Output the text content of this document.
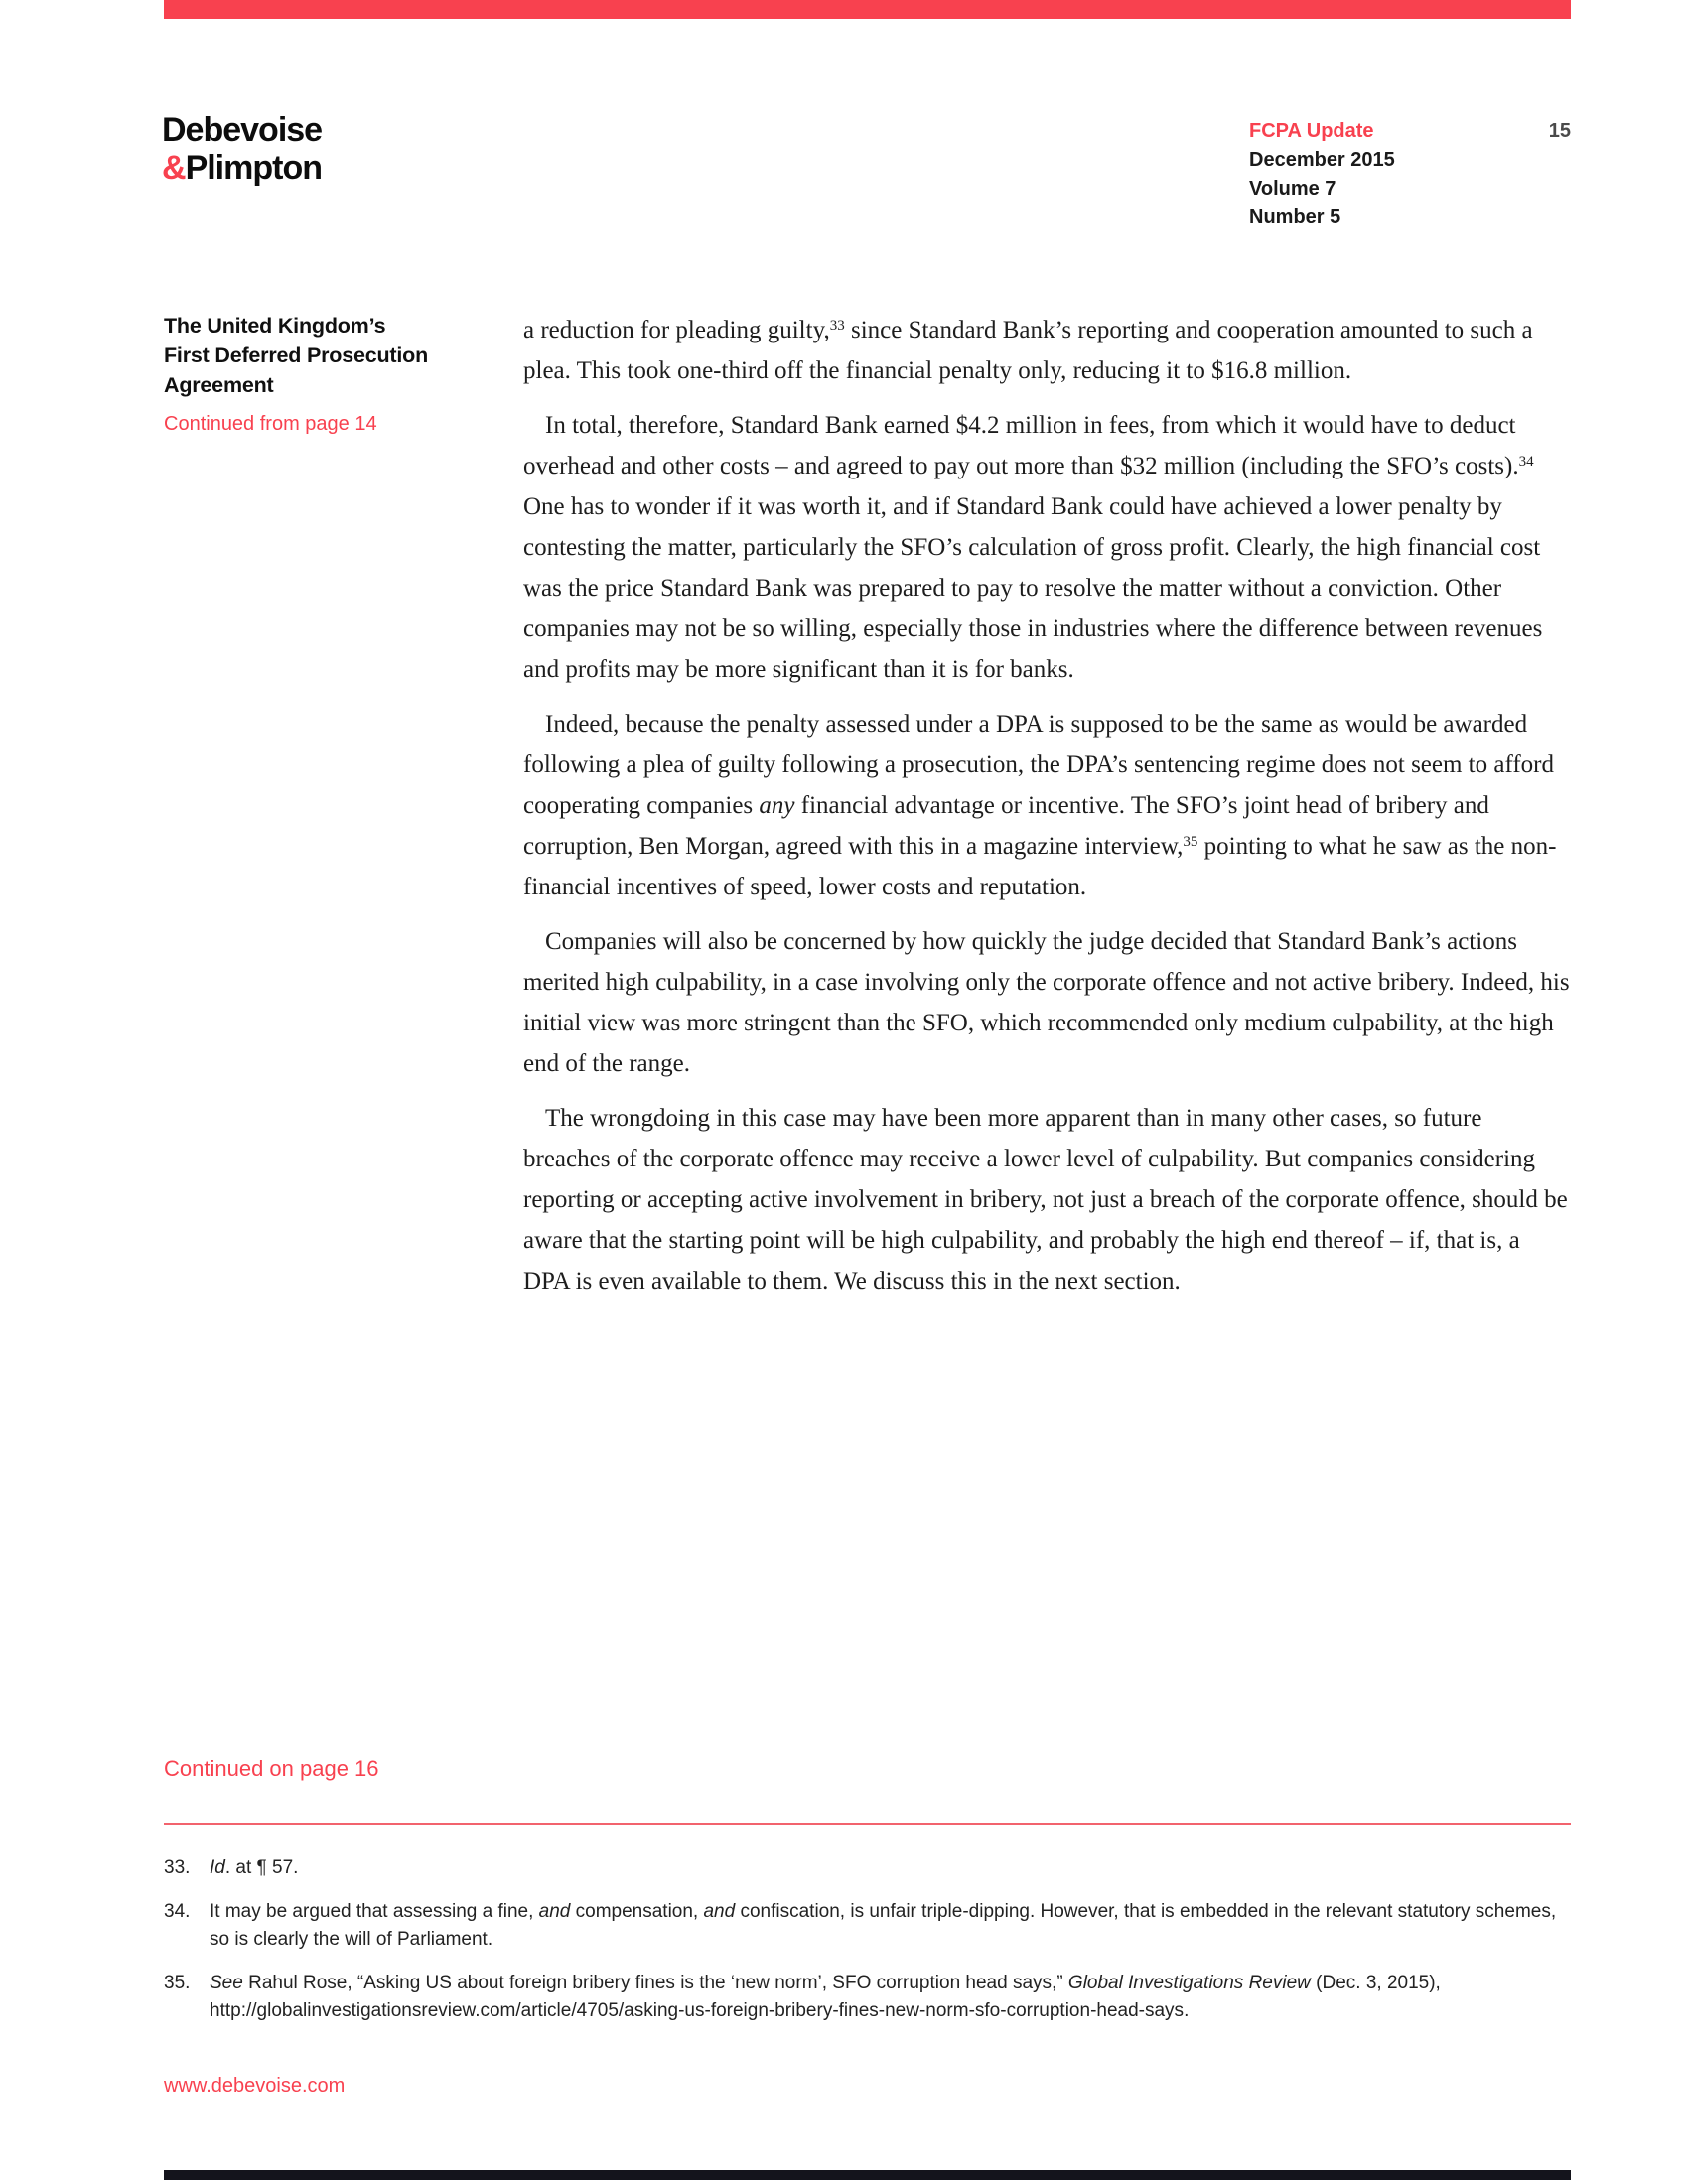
Debevoise
&Plimpton
FCPA Update
December 2015
Volume 7
Number 5
15
The United Kingdom’s
First Deferred Prosecution
Agreement
Continued from page 14

a reduction for pleading guilty,$^{33}$ since Standard Bank’s reporting and cooperation amounted to such a plea. This took one-third off the financial penalty only, reducing it to $16.8 million.

In total, therefore, Standard Bank earned $4.2 million in fees, from which it would have to deduct overhead and other costs – and agreed to pay out more than $32 million (including the SFO’s costs).$^{34}$ One has to wonder if it was worth it, and if Standard Bank could have achieved a lower penalty by contesting the matter, particularly the SFO’s calculation of gross profit. Clearly, the high financial cost was the price Standard Bank was prepared to pay to resolve the matter without a conviction. Other companies may not be so willing, especially those in industries where the difference between revenues and profits may be more significant than it is for banks.

Indeed, because the penalty assessed under a DPA is supposed to be the same as would be awarded following a plea of guilty following a prosecution, the DPA’s sentencing regime does not seem to afford cooperating companies any financial advantage or incentive. The SFO’s joint head of bribery and corruption, Ben Morgan, agreed with this in a magazine interview,$^{35}$ pointing to what he saw as the non-financial incentives of speed, lower costs and reputation.

Companies will also be concerned by how quickly the judge decided that Standard Bank’s actions merited high culpability, in a case involving only the corporate offence and not active bribery. Indeed, his initial view was more stringent than the SFO, which recommended only medium culpability, at the high end of the range.

The wrongdoing in this case may have been more apparent than in many other cases, so future breaches of the corporate offence may receive a lower level of culpability. But companies considering reporting or accepting active involvement in bribery, not just a breach of the corporate offence, should be aware that the starting point will be high culpability, and probably the high end thereof – if, that is, a DPA is even available to them. We discuss this in the next section.

Continued on page 16
33.	Id. at ¶ 57.
34.	It may be argued that assessing a fine, and compensation, and confiscation, is unfair triple-dipping. However, that is embedded in the relevant statutory schemes, so is clearly the will of Parliament.
35.	See Rahul Rose, “Asking US about foreign bribery fines is the ‘new norm’, SFO corruption head says,” Global Investigations Review (Dec. 3, 2015), http://globalinvestigationsreview.com/article/4705/asking-us-foreign-bribery-fines-new-norm-sfo-corruption-head-says.
www.debevoise.com
